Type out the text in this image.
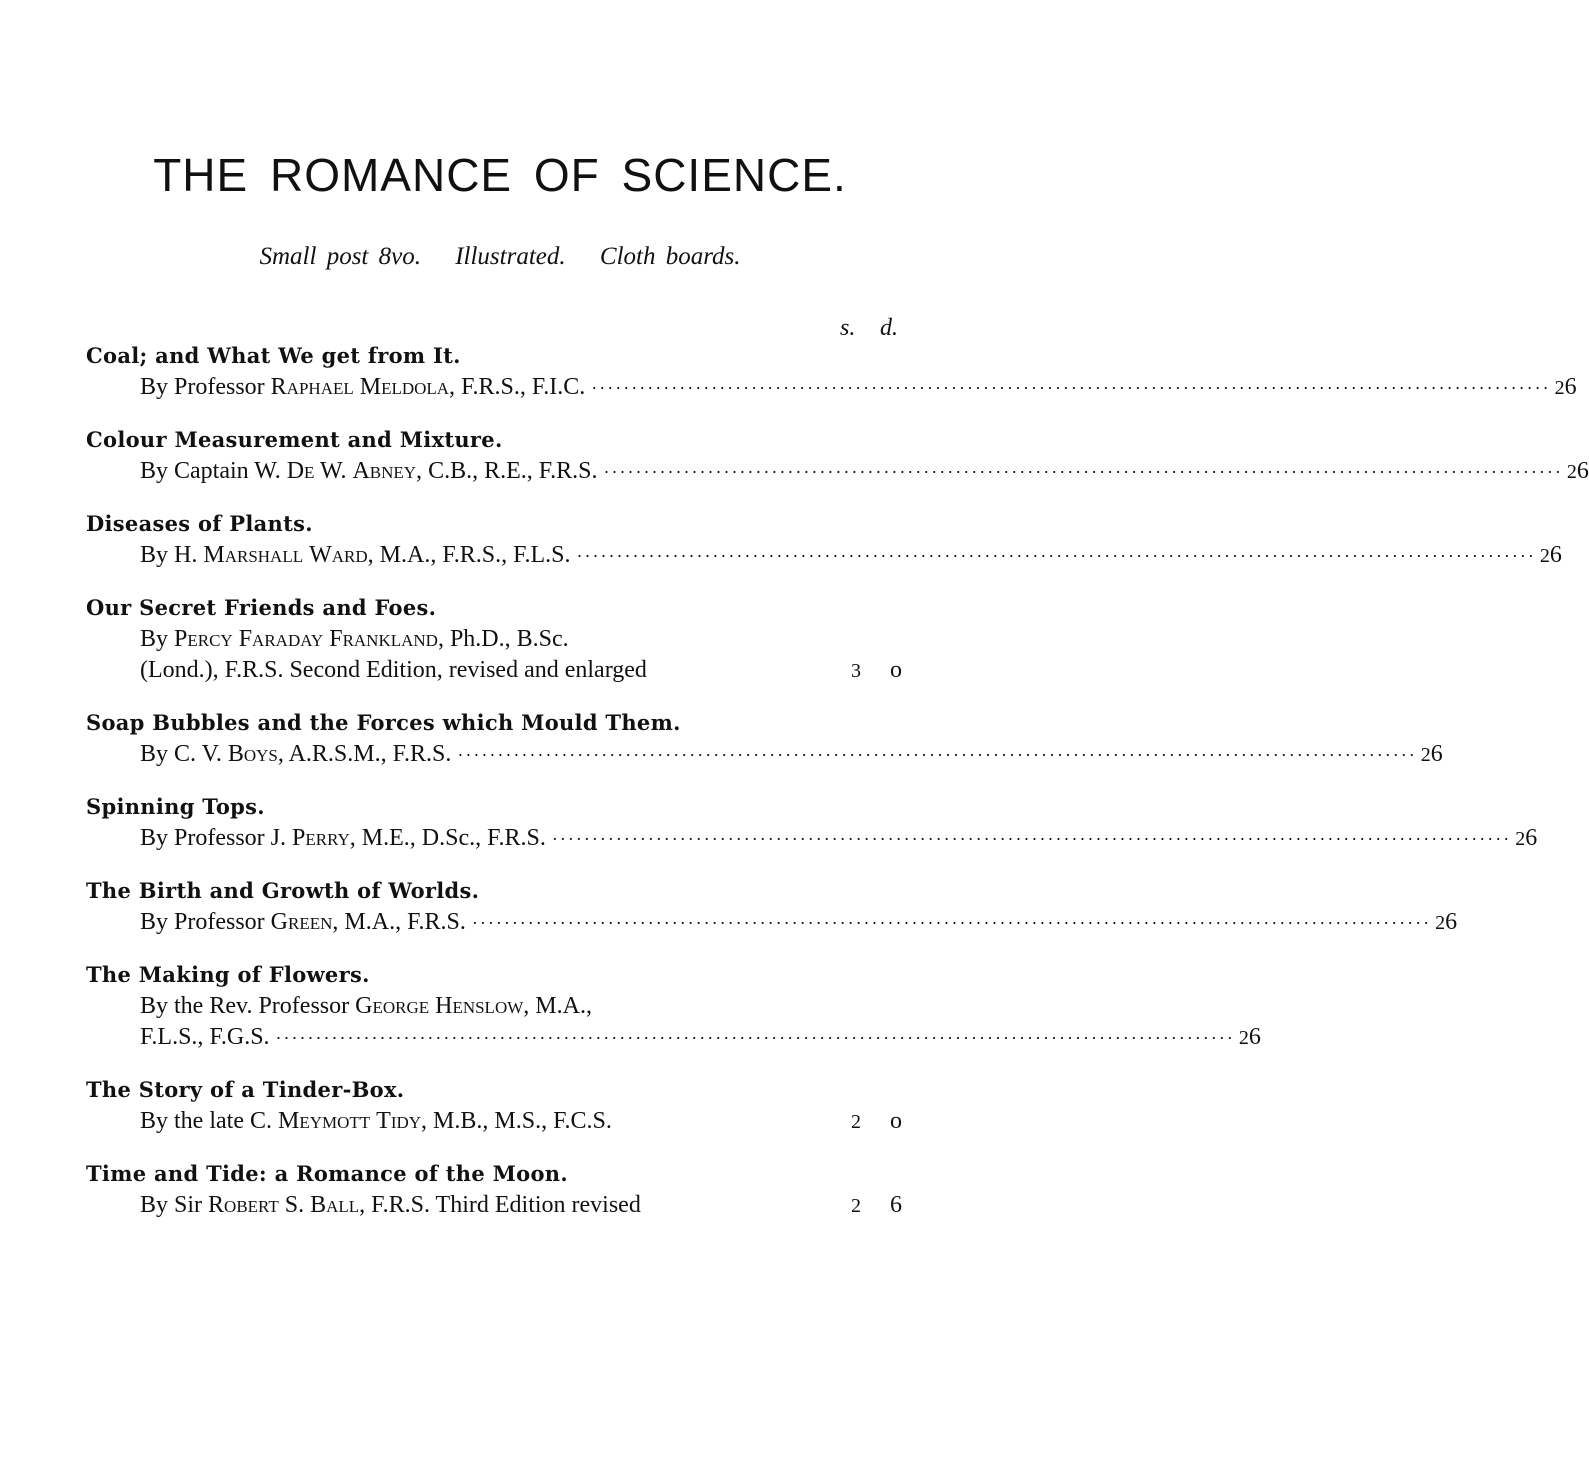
THE ROMANCE OF SCIENCE.
Small post 8vo. Illustrated. Cloth boards.
s. d.
Coal; and What We get from It.
By Professor Raphael Meldola, F.R.S., F.I.C. ························································································································ 2 6
Colour Measurement and Mixture.
By Captain W. De W. Abney, C.B., R.E., F.R.S. ························································································································ 2 6
Diseases of Plants.
By H. Marshall Ward, M.A., F.R.S., F.L.S. ························································································································ 2 6
Our Secret Friends and Foes.
By Percy Faraday Frankland, Ph.D., B.Sc.
(Lond.), F.R.S. Second Edition, revised and enlarged	3	o
Soap Bubbles and the Forces which Mould Them.
By C. V. Boys, A.R.S.M., F.R.S. ························································································································ 2 6
Spinning Tops.
By Professor J. Perry, M.E., D.Sc., F.R.S. ························································································································ 2 6
The Birth and Growth of Worlds.
By Professor Green, M.A., F.R.S. ························································································································ 2 6
The Making of Flowers.
By the Rev. Professor George Henslow, M.A.,
F.L.S., F.G.S. ························································································································ 2 6
The Story of a Tinder-Box.
By the late C. Meymott Tidy, M.B., M.S., F.C.S.	2	o
Time and Tide: a Romance of the Moon.
By Sir Robert S. Ball, F.R.S. Third Edition revised	2	6
